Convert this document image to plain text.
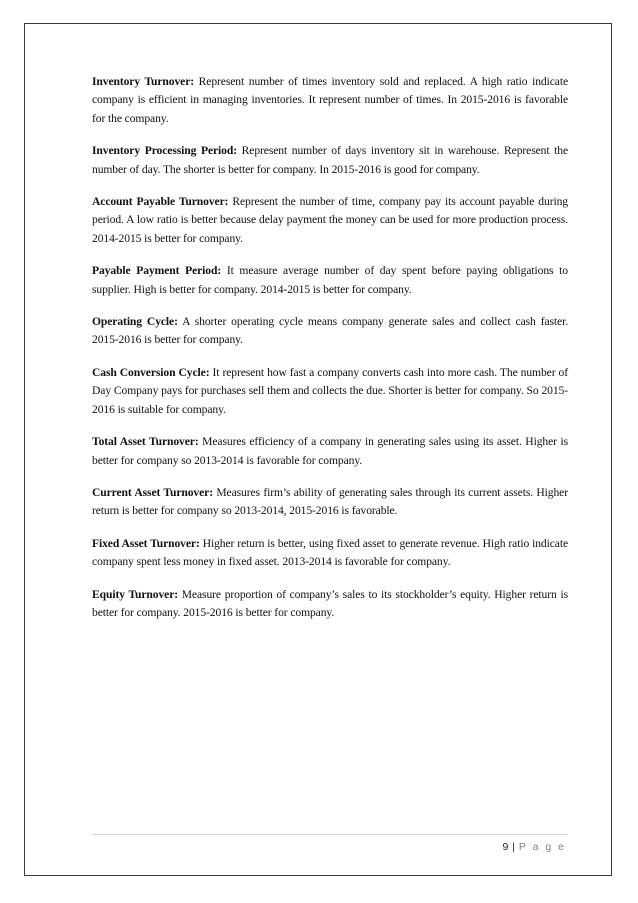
Inventory Turnover: Represent number of times inventory sold and replaced. A high ratio indicate company is efficient in managing inventories. It represent number of times. In 2015-2016 is favorable for the company.

Inventory Processing Period: Represent number of days inventory sit in warehouse. Represent the number of day. The shorter is better for company. In 2015-2016 is good for company.

Account Payable Turnover: Represent the number of time, company pay its account payable during period. A low ratio is better because delay payment the money can be used for more production process. 2014-2015 is better for company.

Payable Payment Period: It measure average number of day spent before paying obligations to supplier. High is better for company. 2014-2015 is better for company.

Operating Cycle: A shorter operating cycle means company generate sales and collect cash faster. 2015-2016 is better for company.

Cash Conversion Cycle: It represent how fast a company converts cash into more cash. The number of Day Company pays for purchases sell them and collects the due. Shorter is better for company. So 2015-2016 is suitable for company.

Total Asset Turnover: Measures efficiency of a company in generating sales using its asset. Higher is better for company so 2013-2014 is favorable for company.

Current Asset Turnover: Measures firm’s ability of generating sales through its current assets. Higher return is better for company so 2013-2014, 2015-2016 is favorable.

Fixed Asset Turnover: Higher return is better, using fixed asset to generate revenue. High ratio indicate company spent less money in fixed asset. 2013-2014 is favorable for company.

Equity Turnover: Measure proportion of company’s sales to its stockholder’s equity. Higher return is better for company. 2015-2016 is better for company.

9 | P a g e
